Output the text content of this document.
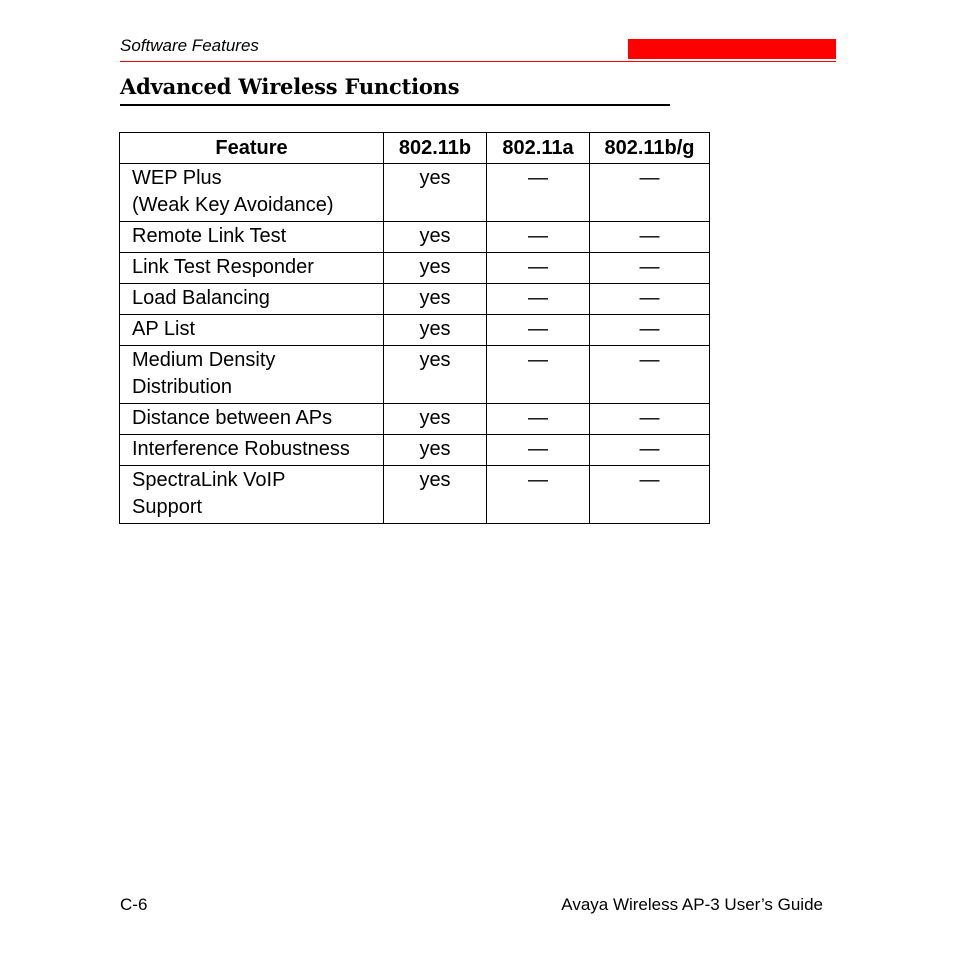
Software Features
Advanced Wireless Functions
Feature	802.11b	802.11a	802.11b/g

WEP Plus
(Weak Key Avoidance)	yes	—	—

Remote Link Test	yes	—	—

Link Test Responder	yes	—	—

Load Balancing	yes	—	—

AP List	yes	—	—

Medium Density
Distribution	yes	—	—

Distance between APs	yes	—	—

Interference Robustness	yes	—	—

SpectraLink VoIP
Support	yes	—	—
C-6	Avaya Wireless AP-3 User’s Guide
